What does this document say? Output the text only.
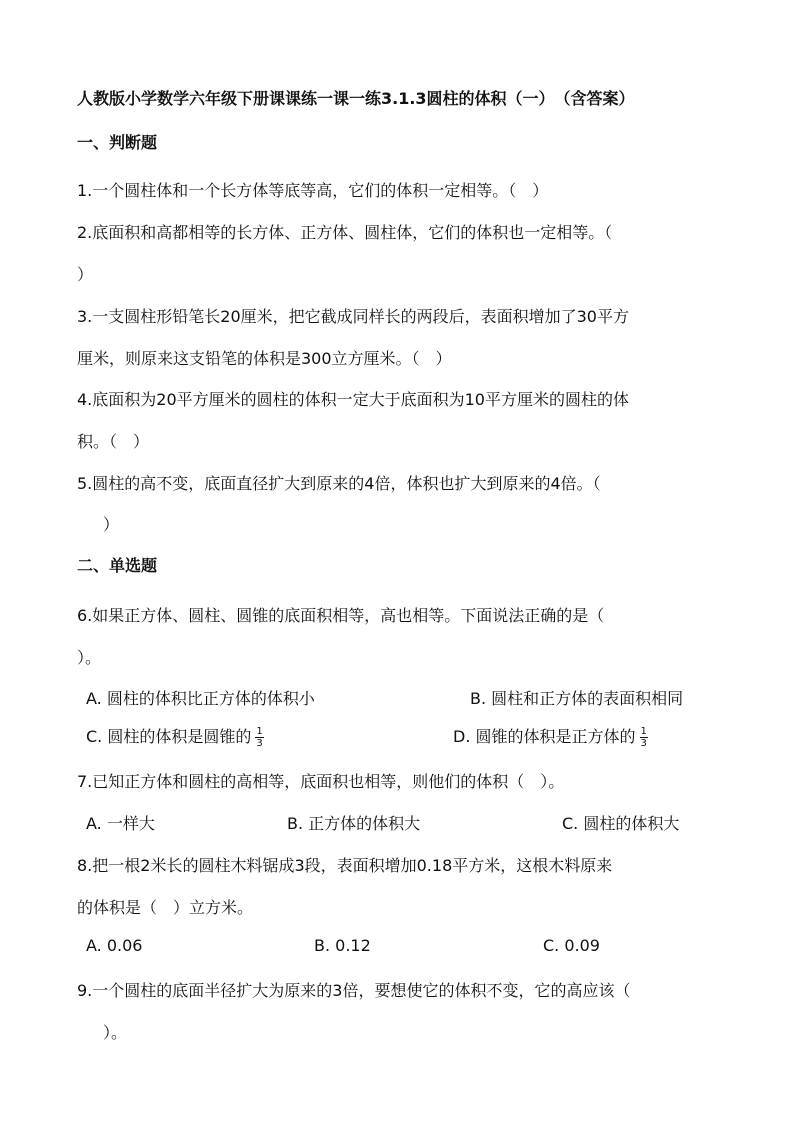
人教版小学数学六年级下册课课练一课一练3.1.3圆柱的体积（一）　（含答案）
一、判断题
1.一个圆柱体和一个长方体等底等高，它们的体积一定相等。（　）
2.底面积和高都相等的长方体、正方体、圆柱体，它们的体积也一定相等。（
）
3.一支圆柱形铅笔长20厘米，把它截成同样长的两段后，表面积增加了30平方
厘米，则原来这支铅笔的体积是300立方厘米。（　）
4.底面积为20平方厘米的圆柱的体积一定大于底面积为10平方厘米的圆柱的体
积。（　）
5.圆柱的高不变，底面直径扩大到原来的4倍，体积也扩大到原来的4倍。（
）
二、单选题
6.如果正方体、圆柱、圆锥的底面积相等，高也相等。下面说法正确的是（
）。
A. 圆柱的体积比正方体的体积小	B. 圆柱和正方体的表面积相同
C. 圆柱的体积是圆锥的 $\frac{1}{3}$	D. 圆锥的体积是正方体的 $\frac{1}{3}$
7.已知正方体和圆柱的高相等，底面积也相等，则他们的体积（　）。
A. 一样大	B. 正方体的体积大	C. 圆柱的体积大
8.把一根2米长的圆柱木料锯成3段，表面积增加0.18平方米，这根木料原来
的体积是（　）立方米。
A. 0.06	B. 0.12	C. 0.09
9.一个圆柱的底面半径扩大为原来的3倍，要想使它的体积不变，它的高应该（
）。
